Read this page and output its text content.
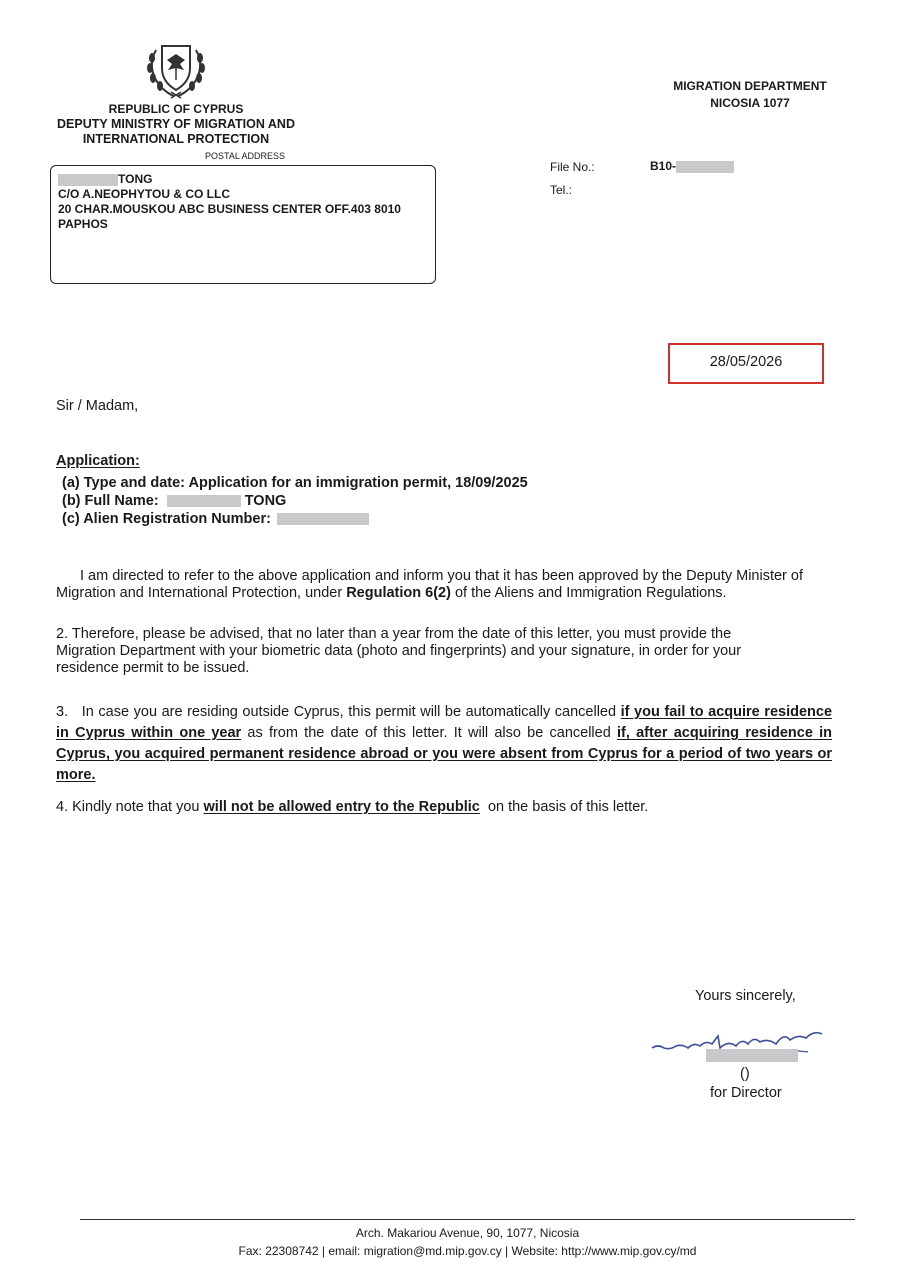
REPUBLIC OF CYPRUS
DEPUTY MINISTRY OF MIGRATION AND
INTERNATIONAL PROTECTION
POSTAL ADDRESS
MIGRATION DEPARTMENT
NICOSIA 1077
TONG
C/O A.NEOPHYTOU & CO LLC
20 CHAR.MOUSKOU ABC BUSINESS CENTER OFF.403 8010
PAPHOS
File No.:	B10-
Tel.:
28/05/2026
Sir / Madam,
Application:
(a) Type and date: Application for an immigration permit, 18/09/2025
(b) Full Name:	TONG
(c) Alien Registration Number:
I am directed to refer to the above application and inform you that it has been approved by the Deputy Minister of Migration and International Protection, under Regulation 6(2) of the Aliens and Immigration Regulations.
2. Therefore, please be advised, that no later than a year from the date of this letter, you must provide the Migration Department with your biometric data (photo and fingerprints) and your signature, in order for your residence permit to be issued.
3. In case you are residing outside Cyprus, this permit will be automatically cancelled if you fail to acquire residence in Cyprus within one year as from the date of this letter. It will also be cancelled if, after acquiring residence in Cyprus, you acquired permanent residence abroad or you were absent from Cyprus for a period of two years or more.
4. Kindly note that you will not be allowed entry to the Republic on the basis of this letter.
Yours sincerely,
()
for Director
Arch. Makariou Avenue, 90, 1077, Nicosia
Fax: 22308742 | email: migration@md.mip.gov.cy | Website: http://www.mip.gov.cy/md
